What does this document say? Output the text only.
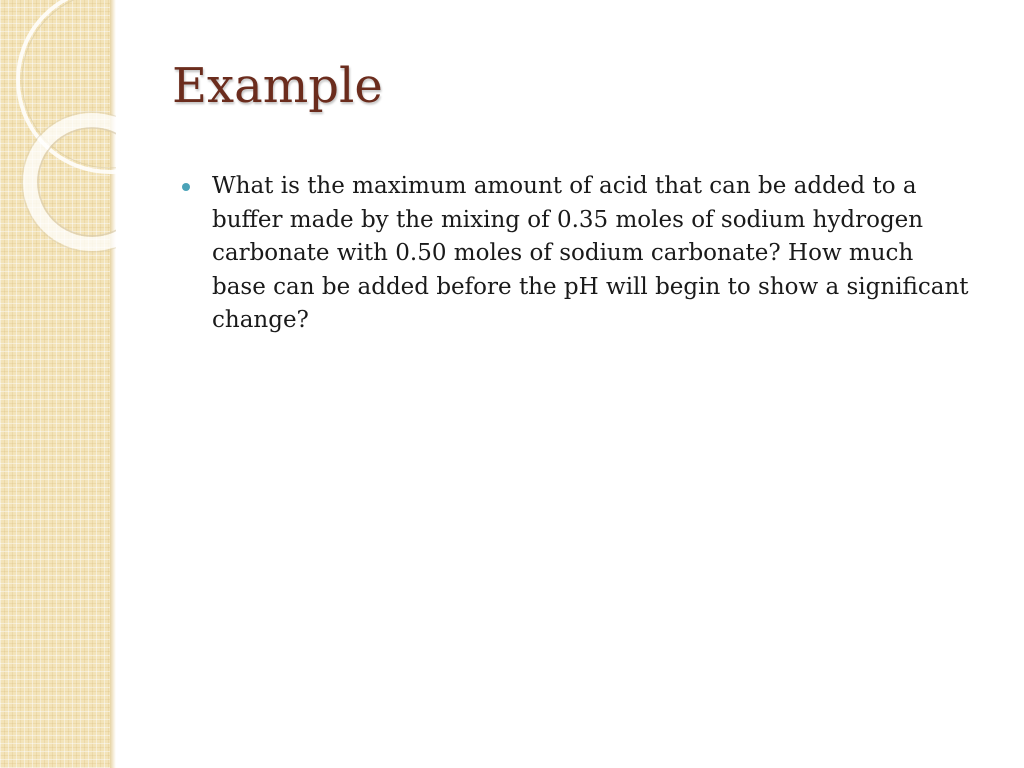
Example
What is the maximum amount of acid that can be added to a buffer made by the mixing of 0.35 moles of sodium hydrogen carbonate with 0.50 moles of sodium carbonate? How much base can be added before the pH will begin to show a significant change?
